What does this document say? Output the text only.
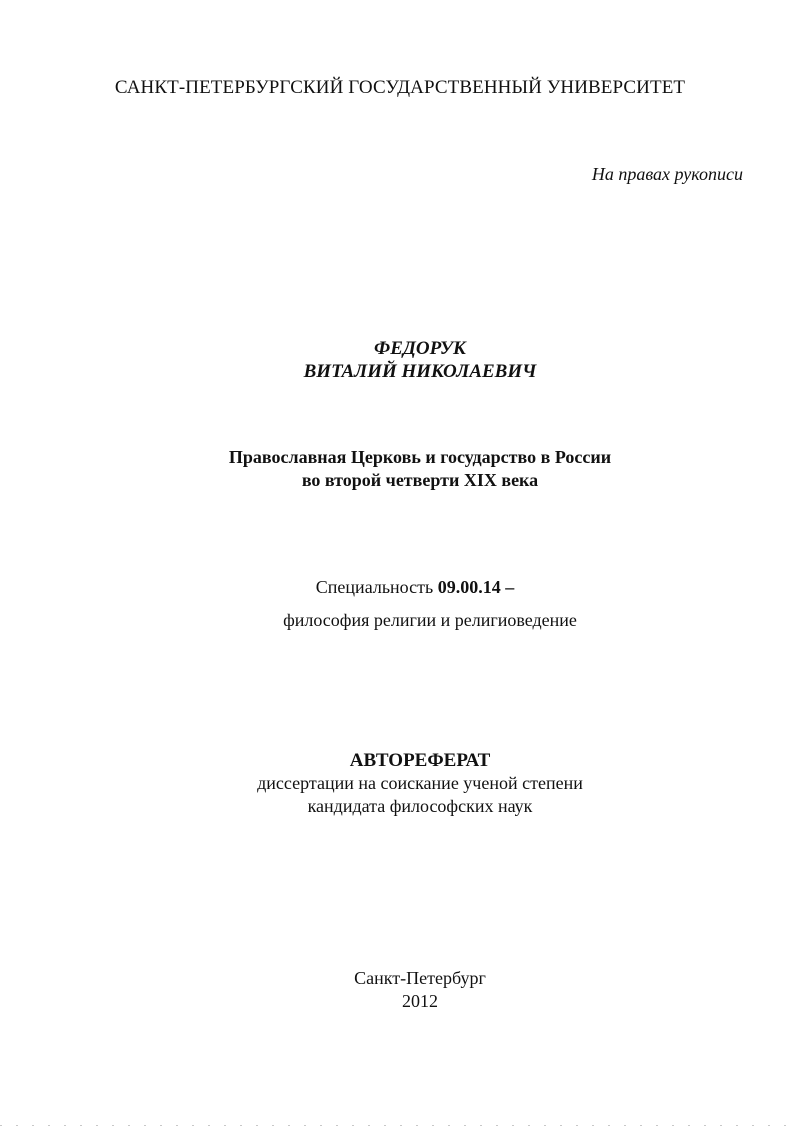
САНКТ-ПЕТЕРБУРГСКИЙ ГОСУДАРСТВЕННЫЙ УНИВЕРСИТЕТ
На правах рукописи
ФЕДОРУК
ВИТАЛИЙ НИКОЛАЕВИЧ
Православная Церковь и государство в России
во второй четверти XIX века
Специальность 09.00.14 –
философия религии и религиоведение
АВТОРЕФЕРАТ
диссертации на соискание ученой степени
кандидата философских наук
Санкт-Петербург
2012
